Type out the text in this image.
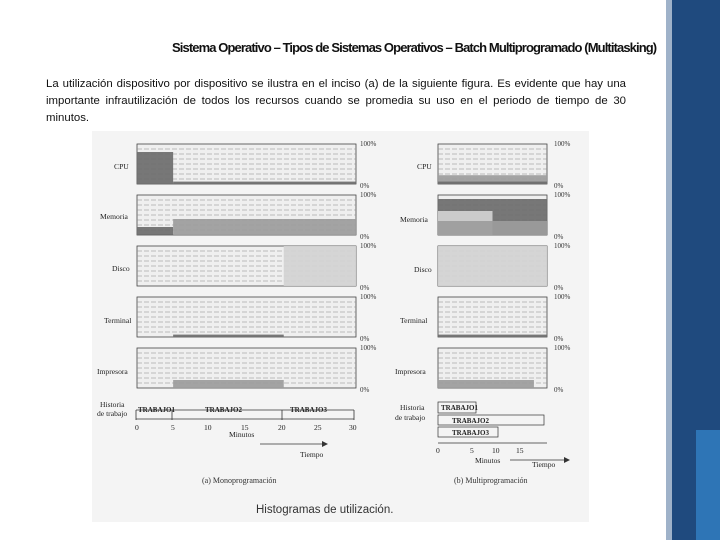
Sistema Operativo – Tipos de Sistemas Operativos – Batch Multiprogramado (Multitasking)
La utilización dispositivo por dispositivo se ilustra en el inciso (a) de la siguiente figura. Es evidente que hay una importante infrautilización de todos los recursos cuando se promedia su uso en el periodo de tiempo de 30 minutos.
CPU
Memoria
Disco
Terminal
Impresora
100%
0%
100%
0%
100%
0%
100%
0%
100%
0%
Historia
de trabajo TRABAJO1	TRABAJO2	TRABAJO3
0	5	10	15	20	25	30
Minutos
Tiempo
(a) Monoprogramación
CPU
Memoria
Disco
Terminal
Impresora
100%
0%
100%
0%
100%
0%
100%
0%
100%
0%
Historia
de trabajo
TRABAJO1
TRABAJO2
TRABAJO3
0	5 10 15
Minutos	Tiempo
(b) Multiprogramación
Histogramas de utilización.
